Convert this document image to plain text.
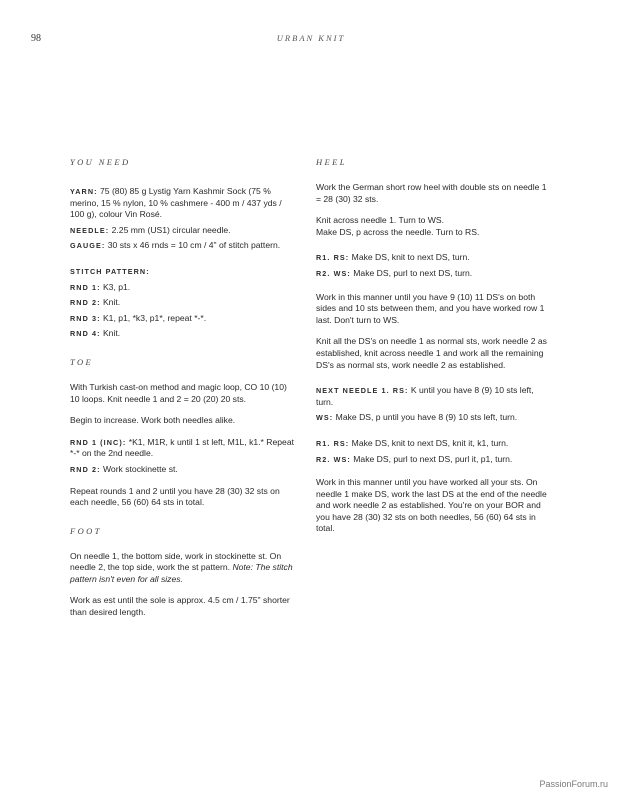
98	URBAN KNIT
YOU NEED

YARN: 75 (80) 85 g Lystig Yarn Kashmir Sock (75 % merino, 15 % nylon, 10 % cashmere - 400 m / 437 yds / 100 g), colour Vin Rosé.

NEEDLE: 2.25 mm (US1) circular needle.

GAUGE: 30 sts x 46 rnds = 10 cm / 4" of stitch pattern.

STITCH PATTERN:

RND 1: K3, p1.

RND 2: Knit.

RND 3: K1, p1, *k3, p1*, repeat *-*.

RND 4: Knit.

TOE

With Turkish cast-on method and magic loop, CO 10 (10) 10 loops. Knit needle 1 and 2 = 20 (20) 20 sts.

Begin to increase. Work both needles alike.

RND 1 (INC): *K1, M1R, k until 1 st left, M1L, k1.* Repeat *-* on the 2nd needle.

RND 2: Work stockinette st.

Repeat rounds 1 and 2 until you have 28 (30) 32 sts on each needle, 56 (60) 64 sts in total.

FOOT

On needle 1, the bottom side, work in stockinette st. On needle 2, the top side, work the st pattern. Note: The stitch pattern isn't even for all sizes.

Work as est until the sole is approx. 4.5 cm / 1.75" shorter than desired length.

HEEL

Work the German short row heel with double sts on needle 1 = 28 (30) 32 sts.

Knit across needle 1. Turn to WS.
Make DS, p across the needle. Turn to RS.

R1. RS: Make DS, knit to next DS, turn.

R2. WS: Make DS, purl to next DS, turn.

Work in this manner until you have 9 (10) 11 DS's on both sides and 10 sts between them, and you have worked row 1 last. Don't turn to WS.

Knit all the DS's on needle 1 as normal sts, work needle 2 as established, knit across needle 1 and work all the remaining DS's as normal sts, work needle 2 as established.

NEXT NEEDLE 1. RS: K until you have 8 (9) 10 sts left, turn.

WS: Make DS, p until you have 8 (9) 10 sts left, turn.

R1. RS: Make DS, knit to next DS, knit it, k1, turn.

R2. WS: Make DS, purl to next DS, purl it, p1, turn.

Work in this manner until you have worked all your sts. On needle 1 make DS, work the last DS at the end of the needle and work needle 2 as established. You're on your BOR and you have 28 (30) 32 sts on both needles, 56 (60) 64 sts in total.

PassionForum.ru
